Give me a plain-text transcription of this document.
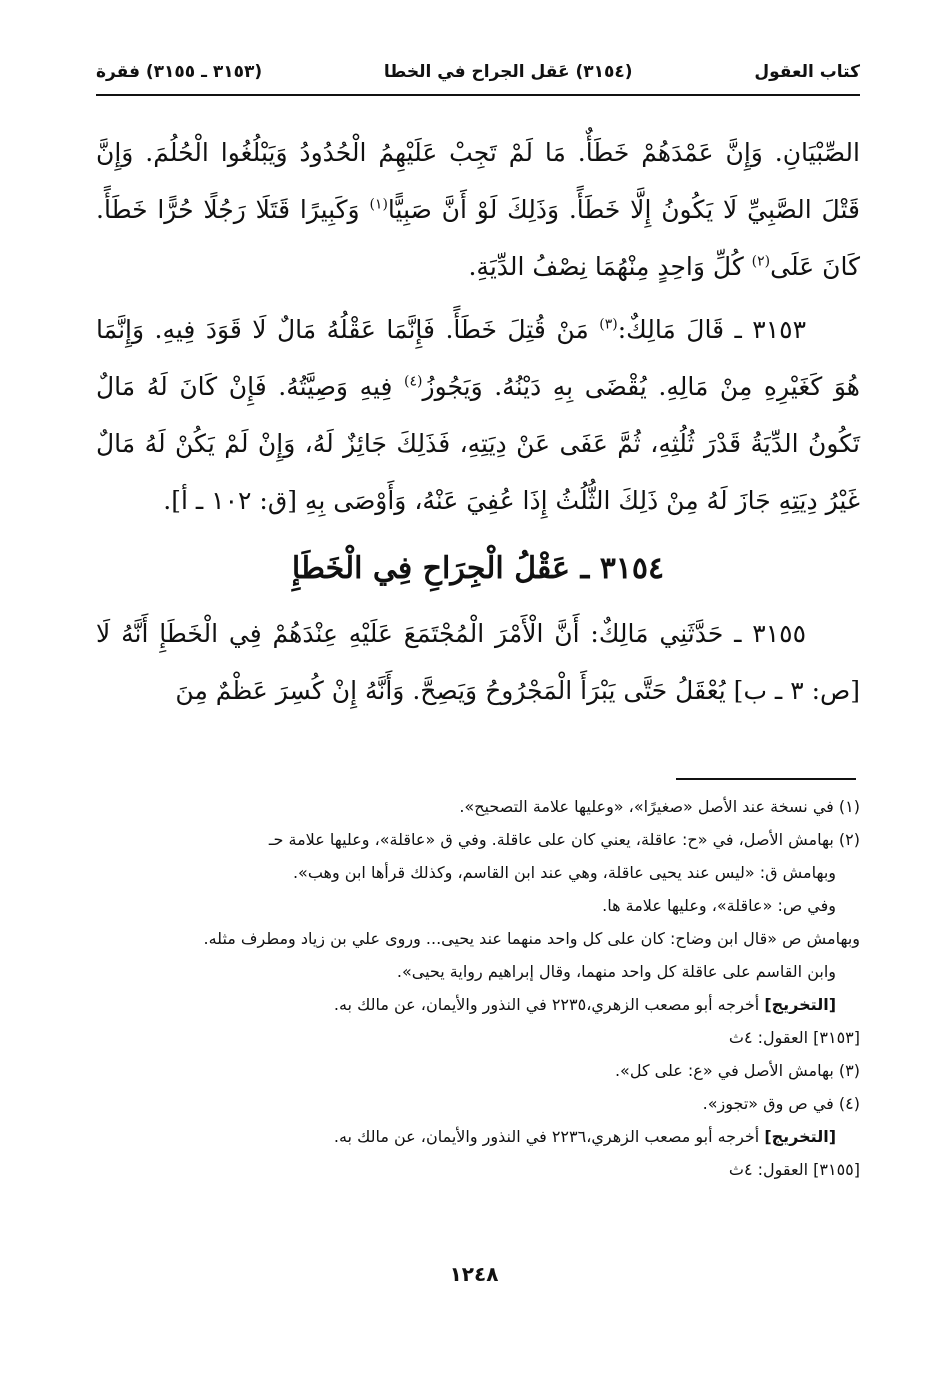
كتاب العقول
(٣١٥٤) عَقل الجراح في الخطا
(٣١٥٣ ـ ٣١٥٥) فقرة

الصِّبْيَانِ. وَإِنَّ عَمْدَهُمْ خَطَأٌ. مَا لَمْ تَجِبْ عَلَيْهِمُ الْحُدُودُ وَيَبْلُغُوا الْحُلُمَ. وَإِنَّ قَتْلَ الصَّبِيِّ لَا يَكُونُ إِلَّا خَطَأً. وَذَلِكَ لَوْ أَنَّ صَبِيًّا$^{(١)}$ وَكَبِيرًا قَتَلَا رَجُلًا حُرًّا خَطَأً. كَانَ عَلَى$^{(٢)}$ كُلِّ وَاحِدٍ مِنْهُمَا نِصْفُ الدِّيَةِ.

٣١٥٣ ـ قَالَ مَالِكٌ:$^{(٣)}$ مَنْ قُتِلَ خَطَأً. فَإِنَّمَا عَقْلُهُ مَالٌ لَا قَوَدَ فِيهِ. وَإِنَّمَا هُوَ كَغَيْرِهِ مِنْ مَالِهِ. يُقْضَى بِهِ دَيْنُهُ. وَيَجُوزُ$^{(٤)}$ فِيهِ وَصِيَّتُهُ. فَإِنْ كَانَ لَهُ مَالٌ تَكُونُ الدِّيَةُ قَدْرَ ثُلُثِهِ، ثُمَّ عَفَى عَنْ دِيَتِهِ، فَذَلِكَ جَائِزٌ لَهُ، وَإِنْ لَمْ يَكُنْ لَهُ مَالٌ غَيْرُ دِيَتِهِ جَازَ لَهُ مِنْ ذَلِكَ الثُّلُثُ إِذَا عُفِيَ عَنْهُ، وَأَوْصَى بِهِ [ق: ١٠٢ ـ أ].

٣١٥٤ ـ عَقْلُ الْجِرَاحِ فِي الْخَطَإِ

٣١٥٥ ـ حَدَّثَنِي مَالِكٌ: أَنَّ الْأَمْرَ الْمُجْتَمَعَ عَلَيْهِ عِنْدَهُمْ فِي الْخَطَإِ أَنَّهُ لَا [ص: ٣ ـ ب] يُعْقَلُ حَتَّى يَبْرَأَ الْمَجْرُوحُ وَيَصِحَّ. وَأَنَّهُ إِنْ كُسِرَ عَظْمٌ مِنَ

(١) في نسخة عند الأصل «صغيرًا»، «وعليها علامة التصحيح».

(٢) بهامش الأصل، في «ح: عاقلة، يعني كان على عاقلة. وفي ق «عاقلة»، وعليها علامة حـ

وبهامش ق: «ليس عند يحيى عاقلة، وهي عند ابن القاسم، وكذلك قرأها ابن وهب».

وفي ص: «عاقلة»، وعليها علامة ها.

وبهامش ص «قال ابن وضاح: كان على كل واحد منهما عند يحيى... وروى علي بن زياد ومطرف مثله.

وابن القاسم على عاقلة كل واحد منهما، وقال إبراهيم رواية يحيى».

[التخريج] أخرجه أبو مصعب الزهري،٢٢٣٥ في النذور والأيمان، عن مالك به.

[٣١٥٣] العقول: ٤ث

(٣) بهامش الأصل في «ع: على كل».

(٤) في ص وق «تجوز».

[التخريج] أخرجه أبو مصعب الزهري،٢٢٣٦ في النذور والأيمان، عن مالك به.

[٣١٥٥] العقول: ٤ث

١٢٤٨
